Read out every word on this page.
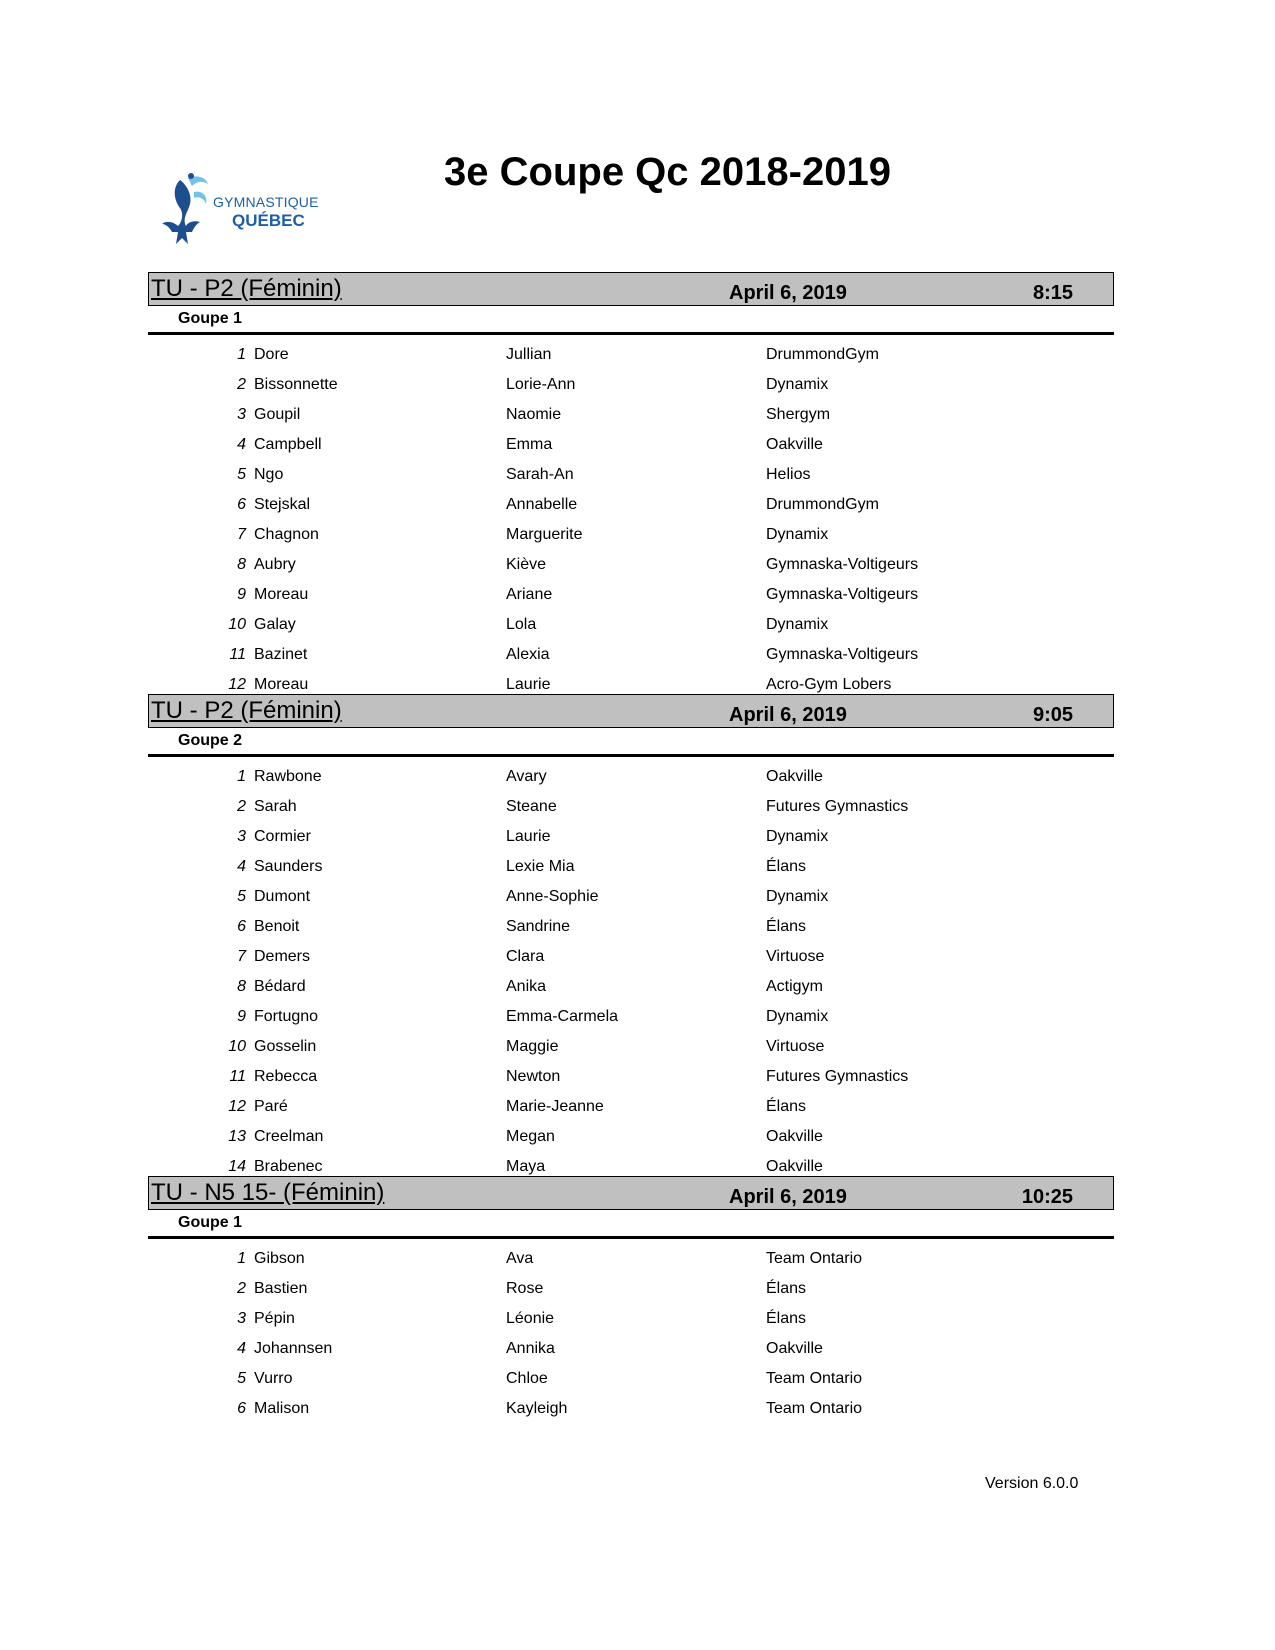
GYMNASTIQUE
QUÉBEC
3e Coupe Qc 2018-2019
TU - P2 (Féminin)	April 6, 2019	8:15
Goupe 1
1 Dore	Jullian	DrummondGym
2 Bissonnette	Lorie-Ann	Dynamix
3 Goupil	Naomie	Shergym
4 Campbell	Emma	Oakville
5 Ngo	Sarah-An	Helios
6 Stejskal	Annabelle	DrummondGym
7 Chagnon	Marguerite	Dynamix
8 Aubry	Kiève	Gymnaska-Voltigeurs
9 Moreau	Ariane	Gymnaska-Voltigeurs
10 Galay	Lola	Dynamix
11 Bazinet	Alexia	Gymnaska-Voltigeurs
12 Moreau	Laurie	Acro-Gym Lobers
TU - P2 (Féminin)	April 6, 2019	9:05
Goupe 2
1 Rawbone	Avary	Oakville
2 Sarah	Steane	Futures Gymnastics
3 Cormier	Laurie	Dynamix
4 Saunders	Lexie Mia	Élans
5 Dumont	Anne-Sophie	Dynamix
6 Benoit	Sandrine	Élans
7 Demers	Clara	Virtuose
8 Bédard	Anika	Actigym
9 Fortugno	Emma-Carmela	Dynamix
10 Gosselin	Maggie	Virtuose
11 Rebecca	Newton	Futures Gymnastics
12 Paré	Marie-Jeanne	Élans
13 Creelman	Megan	Oakville
14 Brabenec	Maya	Oakville
TU - N5 15- (Féminin)	April 6, 2019	10:25
Goupe 1
1 Gibson	Ava	Team Ontario
2 Bastien	Rose	Élans
3 Pépin	Léonie	Élans
4 Johannsen	Annika	Oakville
5 Vurro	Chloe	Team Ontario
6 Malison	Kayleigh	Team Ontario
Version 6.0.0
